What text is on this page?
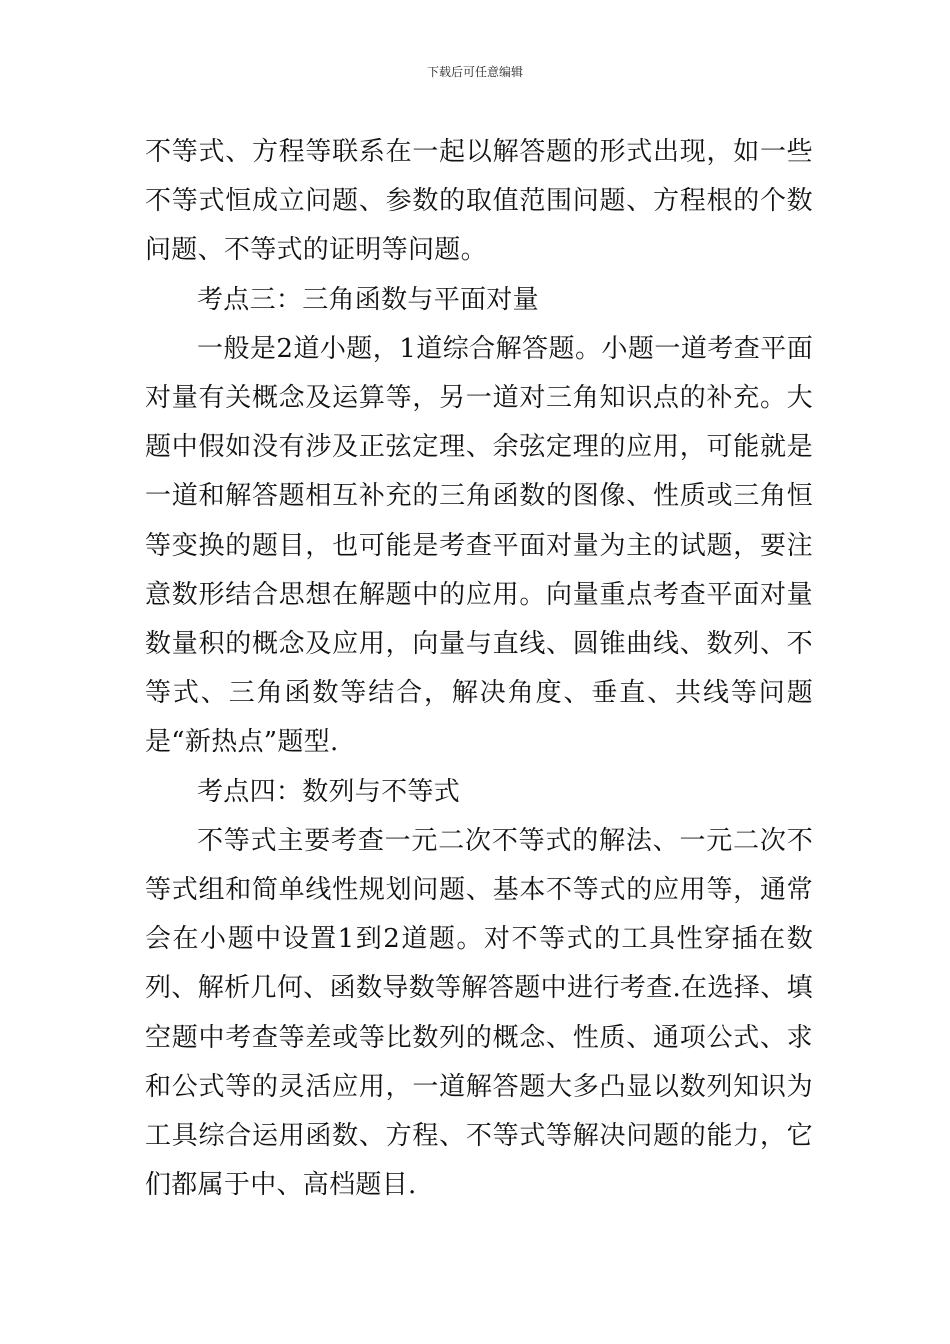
下载后可任意编辑

不等式、方程等联系在一起以解答题的形式出现，如一些不等式恒成立问题、参数的取值范围问题、方程根的个数问题、不等式的证明等问题。

考点三：三角函数与平面对量

一般是2道小题，1道综合解答题。小题一道考查平面对量有关概念及运算等，另一道对三角知识点的补充。大题中假如没有涉及正弦定理、余弦定理的应用，可能就是一道和解答题相互补充的三角函数的图像、性质或三角恒等变换的题目，也可能是考查平面对量为主的试题，要注意数形结合思想在解题中的应用。向量重点考查平面对量数量积的概念及应用，向量与直线、圆锥曲线、数列、不等式、三角函数等结合，解决角度、垂直、共线等问题是“新热点”题型.

考点四：数列与不等式

不等式主要考查一元二次不等式的解法、一元二次不等式组和简单线性规划问题、基本不等式的应用等，通常会在小题中设置1到2道题。对不等式的工具性穿插在数列、解析几何、函数导数等解答题中进行考查.在选择、填空题中考查等差或等比数列的概念、性质、通项公式、求和公式等的灵活应用，一道解答题大多凸显以数列知识为工具综合运用函数、方程、不等式等解决问题的能力，它们都属于中、高档题目.
